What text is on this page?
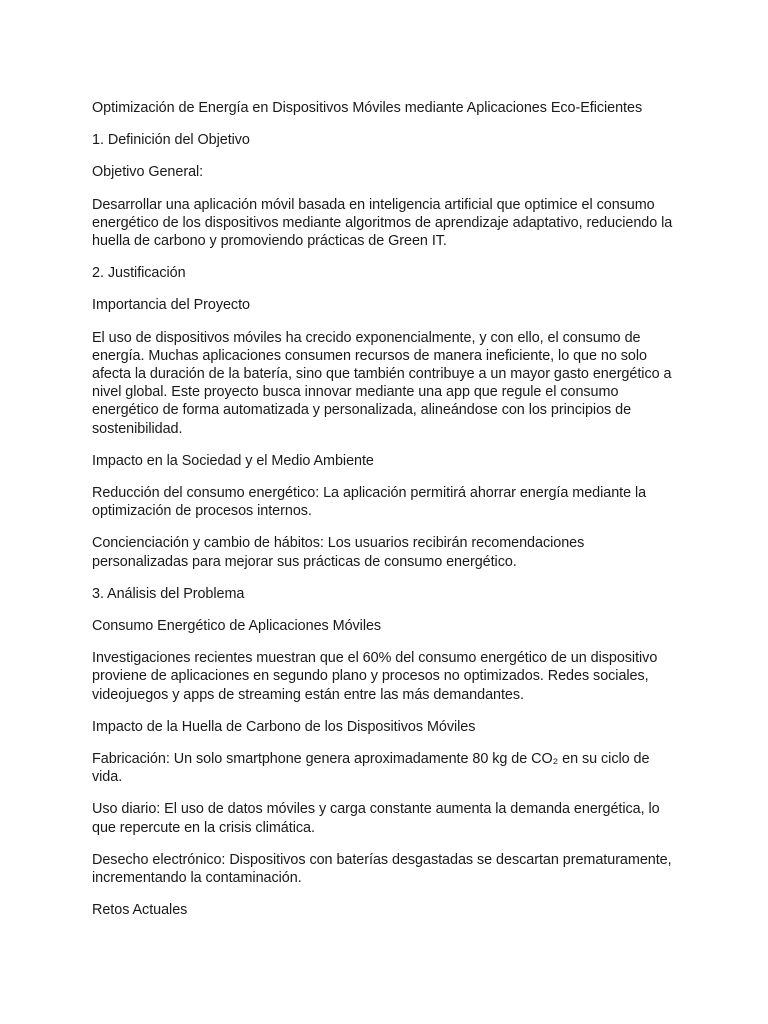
Optimización de Energía en Dispositivos Móviles mediante Aplicaciones Eco-Eficientes

1. Definición del Objetivo

Objetivo General:

Desarrollar una aplicación móvil basada en inteligencia artificial que optimice el consumo energético de los dispositivos mediante algoritmos de aprendizaje adaptativo, reduciendo la huella de carbono y promoviendo prácticas de Green IT.

2. Justificación

Importancia del Proyecto

El uso de dispositivos móviles ha crecido exponencialmente, y con ello, el consumo de energía. Muchas aplicaciones consumen recursos de manera ineficiente, lo que no solo afecta la duración de la batería, sino que también contribuye a un mayor gasto energético a nivel global. Este proyecto busca innovar mediante una app que regule el consumo energético de forma automatizada y personalizada, alineándose con los principios de sostenibilidad.

Impacto en la Sociedad y el Medio Ambiente

Reducción del consumo energético: La aplicación permitirá ahorrar energía mediante la optimización de procesos internos.

Concienciación y cambio de hábitos: Los usuarios recibirán recomendaciones personalizadas para mejorar sus prácticas de consumo energético.

3. Análisis del Problema

Consumo Energético de Aplicaciones Móviles

Investigaciones recientes muestran que el 60% del consumo energético de un dispositivo proviene de aplicaciones en segundo plano y procesos no optimizados. Redes sociales, videojuegos y apps de streaming están entre las más demandantes.

Impacto de la Huella de Carbono de los Dispositivos Móviles

Fabricación: Un solo smartphone genera aproximadamente 80 kg de CO₂ en su ciclo de vida.

Uso diario: El uso de datos móviles y carga constante aumenta la demanda energética, lo que repercute en la crisis climática.

Desecho electrónico: Dispositivos con baterías desgastadas se descartan prematuramente, incrementando la contaminación.

Retos Actuales
